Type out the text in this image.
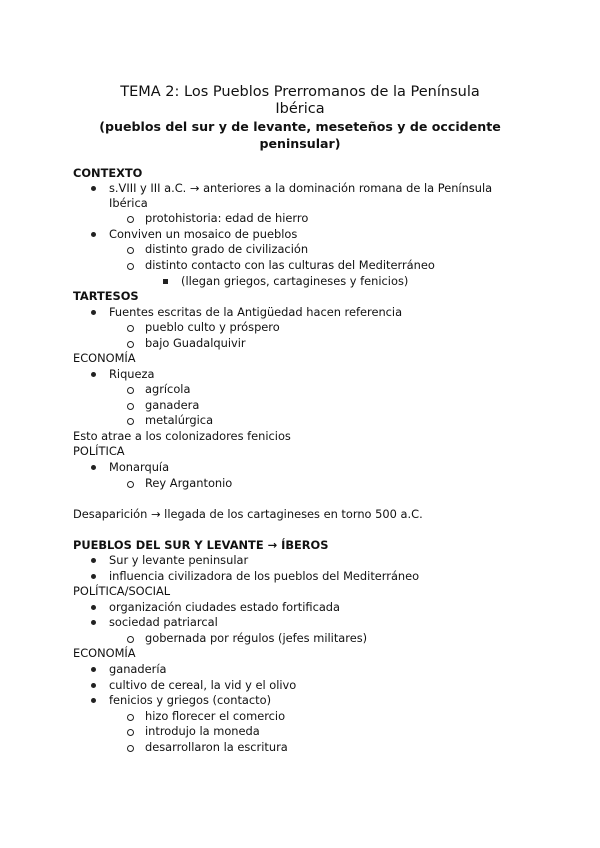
TEMA 2: Los Pueblos Prerromanos de la Península
Ibérica
(pueblos del sur y de levante, meseteños y de occidente
peninsular)
CONTEXTO
s.VIII y III a.C. → anteriores a la dominación romana de la Península
Ibérica
protohistoria: edad de hierro
Conviven un mosaico de pueblos
distinto grado de civilización
distinto contacto con las culturas del Mediterráneo
(llegan griegos, cartagineses y fenicios)
TARTESOS
Fuentes escritas de la Antigüedad hacen referencia
pueblo culto y próspero
bajo Guadalquivir
ECONOMÍA
Riqueza
agrícola
ganadera
metalúrgica
Esto atrae a los colonizadores fenicios
POLÍTICA
Monarquía
Rey Argantonio
Desaparición → llegada de los cartagineses en torno 500 a.C.
PUEBLOS DEL SUR Y LEVANTE → ÍBEROS
Sur y levante peninsular
influencia civilizadora de los pueblos del Mediterráneo
POLÍTICA/SOCIAL
organización ciudades estado fortificada
sociedad patriarcal
gobernada por régulos (jefes militares)
ECONOMÍA
ganadería
cultivo de cereal, la vid y el olivo
fenicios y griegos (contacto)
hizo florecer el comercio
introdujo la moneda
desarrollaron la escritura
